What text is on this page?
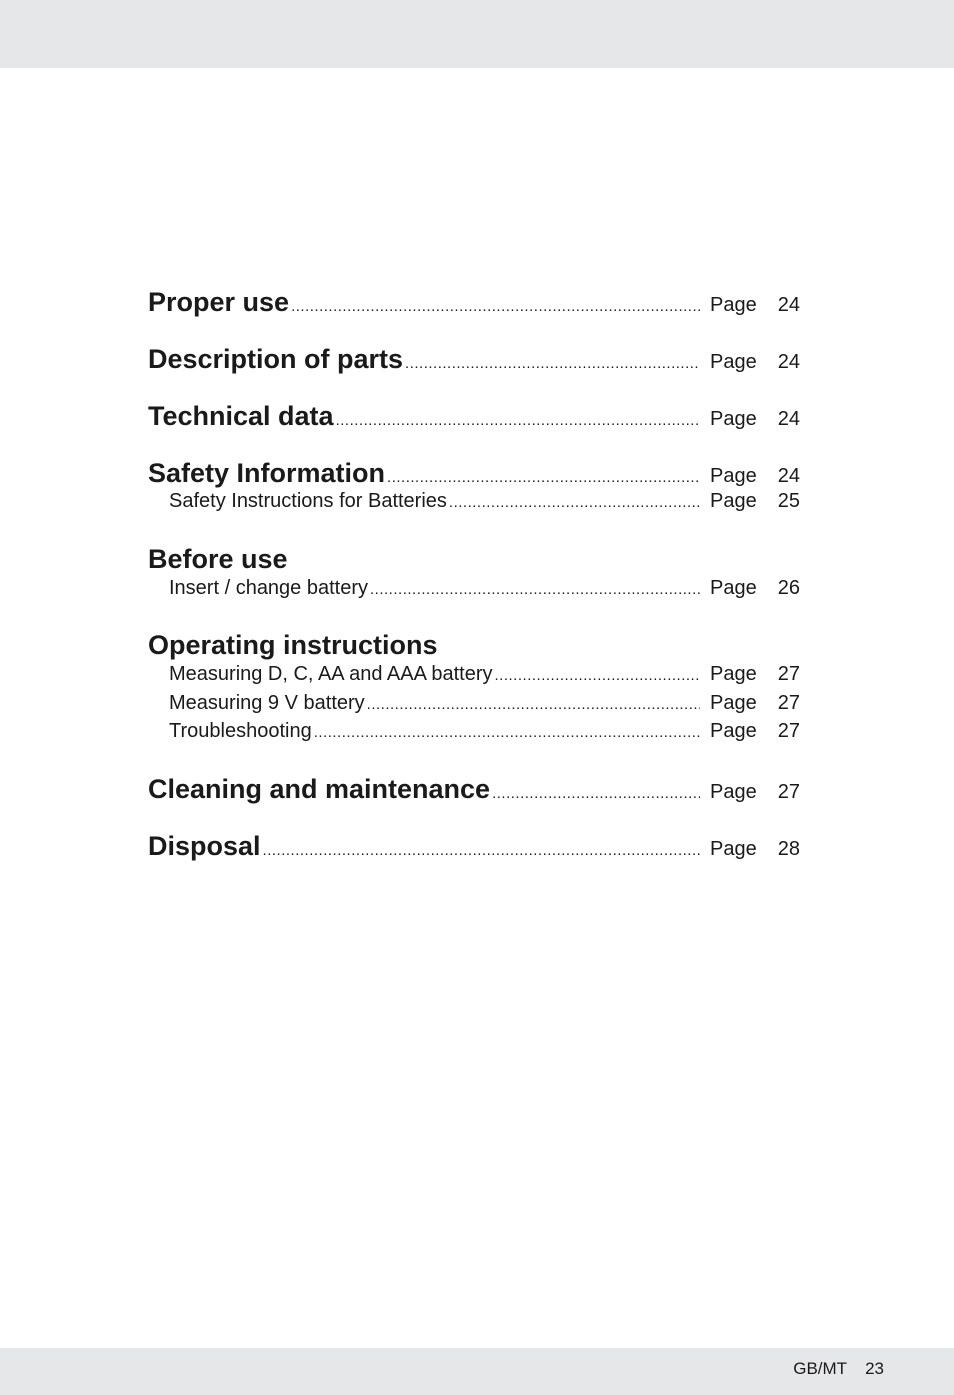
Proper use .....	Page	24
Description of parts .....	Page	24
Technical data .....	Page	24
Safety Information .....	Page	24
Safety Instructions for Batteries .....	Page	25
Before use
Insert / change battery .....	Page	26
Operating instructions
Measuring D, C, AA and AAA battery .....	Page	27
Measuring 9 V battery .....	Page	27
Troubleshooting .....	Page	27
Cleaning and maintenance .....	Page	27
Disposal .....	Page	28
GB/MT 23
